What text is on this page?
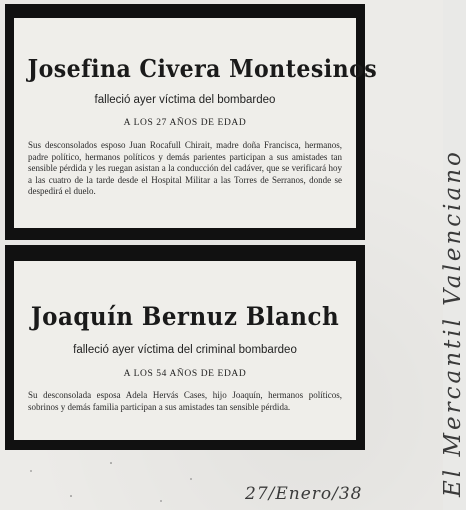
Josefina Civera Montesinos
falleció ayer víctima del bombardeo
A LOS 27 AÑOS DE EDAD
Sus desconsolados esposo Juan Rocafull Chirait, madre doña Francisca, hermanos, padre político, hermanos políticos y demás parientes participan a sus amistades tan sensible pérdida y les ruegan asistan a la conducción del cadáver, que se verificará hoy a las cuatro de la tarde desde el Hospital Militar a las Torres de Serranos, donde se despedirá el duelo.
Joaquín Bernuz Blanch
falleció ayer víctima del criminal bombardeo
A LOS 54 AÑOS DE EDAD
Su desconsolada esposa Adela Hervás Cases, hijo Joaquín, hermanos políticos, sobrinos y demás familia participan a sus amistades tan sensible pérdida.	El Mercantil Valenciano
27/Enero/38
